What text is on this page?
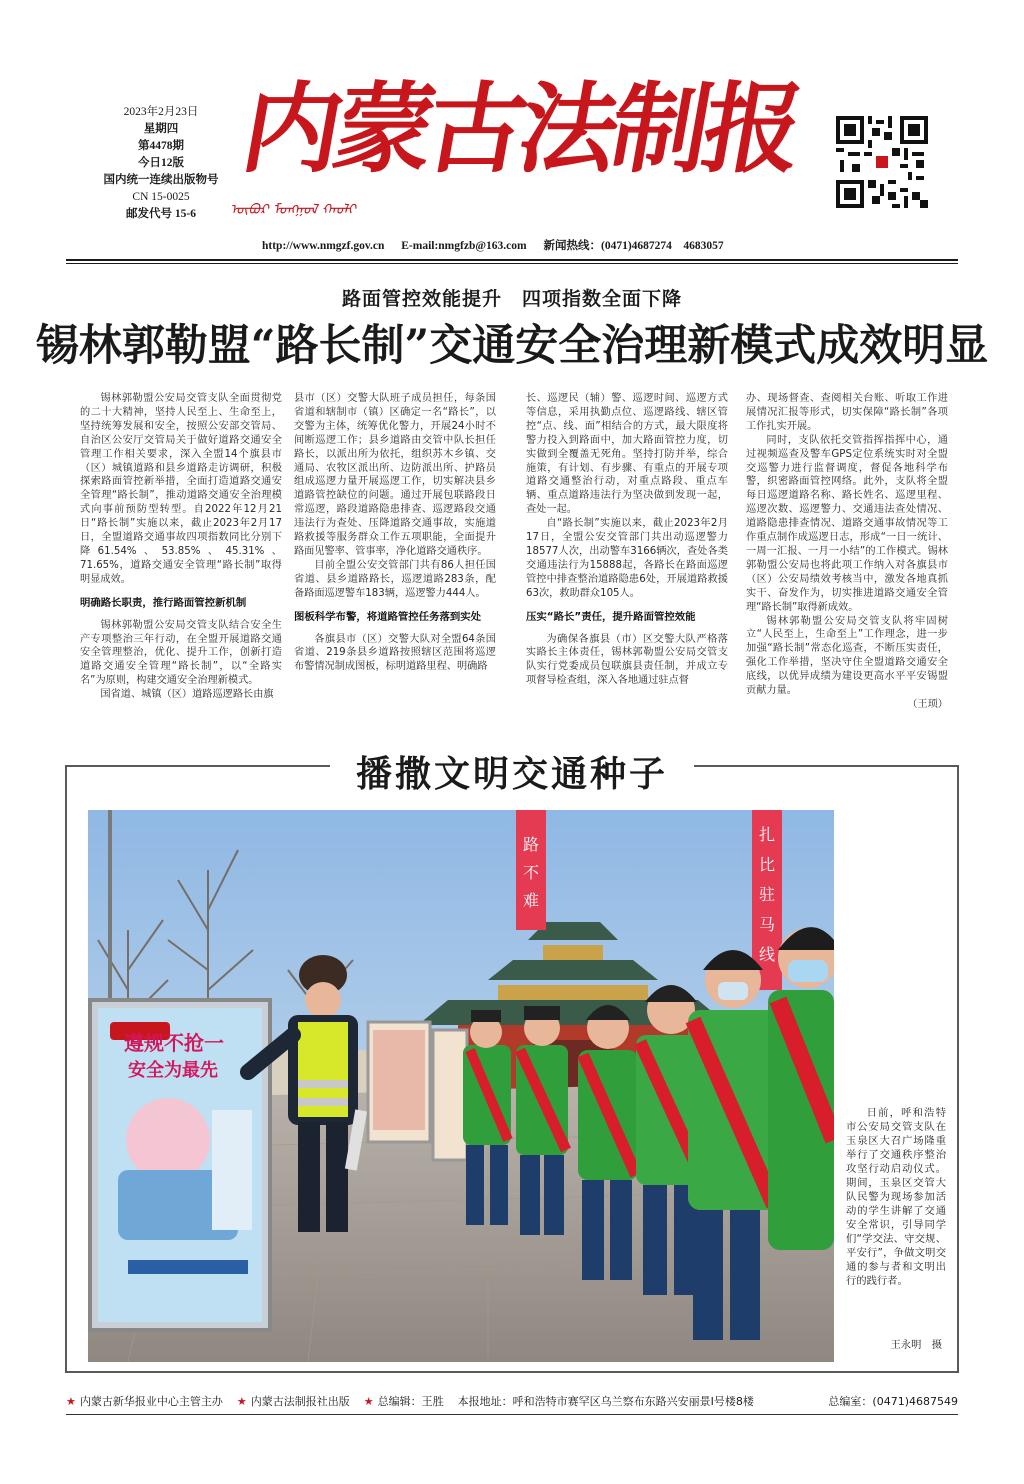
2023年2月23日
星期四
第4478期
今日12版
国内统一连续出版物号
CN 15-0025
邮发代号 15-6
内蒙古法制报
ᠦᠪᠦᠷ ᠮᠣᠩᠭᠣᠯ ᠬᠠᠤᠯᠢ
http://www.nmgzf.gov.cn E-mail:nmgfzb@163.com 新闻热线：(0471)4687274　4683057
路面管控效能提升　四项指数全面下降
锡林郭勒盟“路长制”交通安全治理新模式成效明显

锡林郭勒盟公安局交管支队全面贯彻党的二十大精神，坚持人民至上、生命至上，坚持统筹发展和安全，按照公安部交管局、自治区公安厅交管局关于做好道路交通安全管理工作相关要求，深入全盟14个旗县市（区）城镇道路和县乡道路走访调研，积极探索路面管控新举措，全面打造道路交通安全管理“路长制”，推动道路交通安全治理模式向事前预防型转型。自2022年12月21日“路长制”实施以来，截止2023年2月17日，全盟道路交通事故四项指数同比分别下降61.54%、53.85%、45.31%、71.65%，道路交通安全管理“路长制”取得明显成效。

明确路长职责，推行路面管控新机制

锡林郭勒盟公安局交管支队结合安全生产专项整治三年行动，在全盟开展道路交通安全管理整治，优化、提升工作，创新打造道路交通安全管理“路长制”，以“全路实名”为原则，构建交通安全治理新模式。

国省道、城镇（区）道路巡逻路长由旗

县市（区）交警大队班子成员担任，每条国省道和辖制市（镇）区确定一名“路长”，以交警为主体，统筹优化警力，开展24小时不间断巡逻工作；县乡道路由交管中队长担任路长，以派出所为依托，组织苏木乡镇、交通局、农牧区派出所、边防派出所、护路员组成巡逻力量开展巡逻工作，切实解决县乡道路管控缺位的问题。通过开展包联路段日常巡逻，路段道路隐患排查、巡逻路段交通违法行为查处、压降道路交通事故，实施道路救援等服务群众工作五项职能，全面提升路面见警率、管事率，净化道路交通秩序。

目前全盟公安交管部门共有86人担任国省道、县乡道路路长，巡逻道路283条，配备路面巡逻警车183辆，巡逻警力444人。

图板科学布警，将道路管控任务落到实处

各旗县市（区）交警大队对全盟64条国省道、219条县乡道路按照辖区范围将巡逻布警情况制成图板，标明道路里程、明确路

长、巡逻民（辅）警、巡逻时间、巡逻方式等信息，采用执勤点位、巡逻路线、辖区管控“点、线、面”相结合的方式，最大限度将警力投入到路面中，加大路面管控力度，切实做到全覆盖无死角。坚持打防并举，综合施策，有计划、有步骤、有重点的开展专项道路交通整治行动，对重点路段、重点车辆、重点道路违法行为坚决做到发现一起，查处一起。

自“路长制”实施以来，截止2023年2月17日，全盟公安交管部门共出动巡逻警力18577人次，出动警车3166辆次，查处各类交通违法行为15888起，各路长在路面巡逻管控中排查整治道路隐患6处，开展道路救援63次，救助群众105人。

压实“路长”责任，提升路面管控效能

为确保各旗县（市）区交警大队严格落实路长主体责任，锡林郭勒盟公安局交管支队实行党委成员包联旗县责任制，并成立专项督导检查组，深入各地通过驻点督

办、现场督查、查阅相关台账、听取工作进展情况汇报等形式，切实保障“路长制”各项工作扎实开展。

同时，支队依托交管指挥指挥中心，通过视频巡查及警车GPS定位系统实时对全盟交巡警力进行监督调度，督促各地科学布警，织密路面管控网络。此外，支队将全盟每日巡逻道路名称、路长姓名、巡逻里程、巡逻次数、巡逻警力、交通违法查处情况、道路隐患排查情况、道路交通事故情况等工作重点制作成巡逻日志，形成“一日一统计、一周一汇报、一月一小结”的工作模式。锡林郭勒盟公安局也将此项工作纳入对各旗县市（区）公安局绩效考核当中，激发各地真抓实干、奋发作为，切实推进道路交通安全管理“路长制”取得新成效。

锡林郭勒盟公安局交管支队将牢固树立“人民至上，生命至上”工作理念，进一步加强“路长制”常态化巡查，不断压实责任，强化工作举措，坚决守住全盟道路交通安全底线，以优异成绩为建设更高水平平安锡盟贡献力量。

（王顼）
播撒文明交通种子
路
不
难
扎
比
驻
马
线
遵规不抢一
安全为最先
日前，呼和浩特市公安局交管支队在玉泉区大召广场隆重举行了交通秩序整治攻坚行动启动仪式。期间，玉泉区交管大队民警为现场参加活动的学生讲解了交通安全常识，引导同学们“学交法、守交规、平安行”，争做文明交通的参与者和文明出行的践行者。
王永明　摄
★ 内蒙古新华报业中心主管主办 ★ 内蒙古法制报社出版 ★ 总编辑：王胜 本报地址：呼和浩特市赛罕区乌兰察布东路兴安丽景Ⅰ号楼8楼	总编室：(0471)4687549
